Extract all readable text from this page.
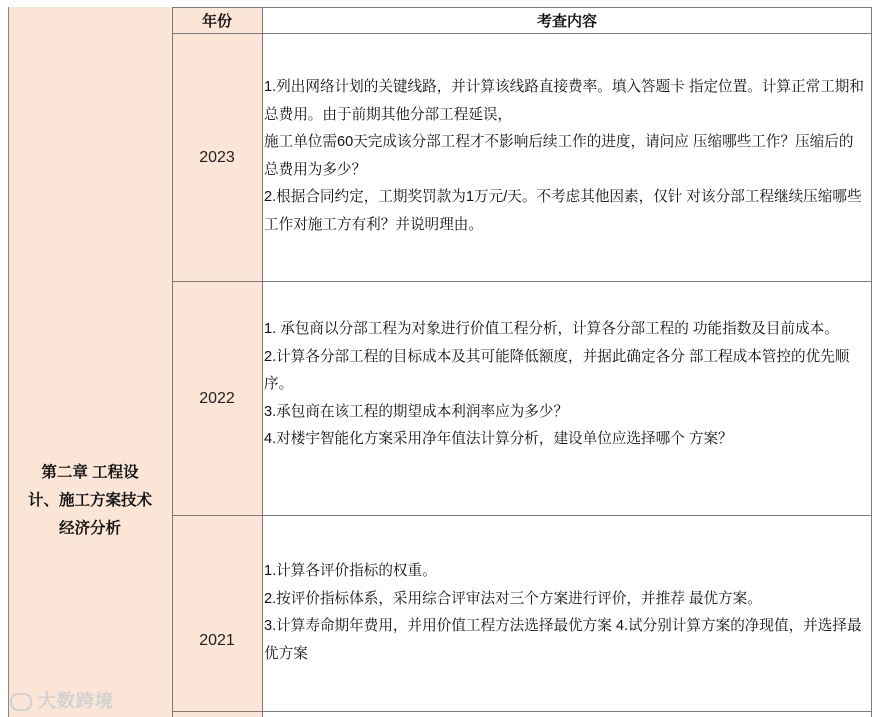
第二章 工程设计、施工方案技术经济分析
年份	考查内容
2023

1.列出网络计划的关键线路，并计算该线路直接费率。填入答题卡 指定位置。计算正常工期和总费用。由于前期其他分部工程延误，

施工单位需60天完成该分部工程才不影响后续工作的进度，请问应 压缩哪些工作？压缩后的总费用为多少？

2.根据合同约定，工期奖罚款为1万元/天。不考虑其他因素，仅针 对该分部工程继续压缩哪些工作对施工方有利？并说明理由。

2022

1. 承包商以分部工程为对象进行价值工程分析，计算各分部工程的 功能指数及目前成本。

2.计算各分部工程的目标成本及其可能降低额度，并据此确定各分 部工程成本管控的优先顺序。

3.承包商在该工程的期望成本利润率应为多少？

4.对楼宇智能化方案采用净年值法计算分析，建设单位应选择哪个 方案？

2021

1.计算各评价指标的权重。

2.按评价指标体系，采用综合评审法对三个方案进行评价，并推荐 最优方案。

3.计算寿命期年费用，并用价值工程方法选择最优方案 4.试分别计算方案的净现值，并选择最优方案

大数跨境
